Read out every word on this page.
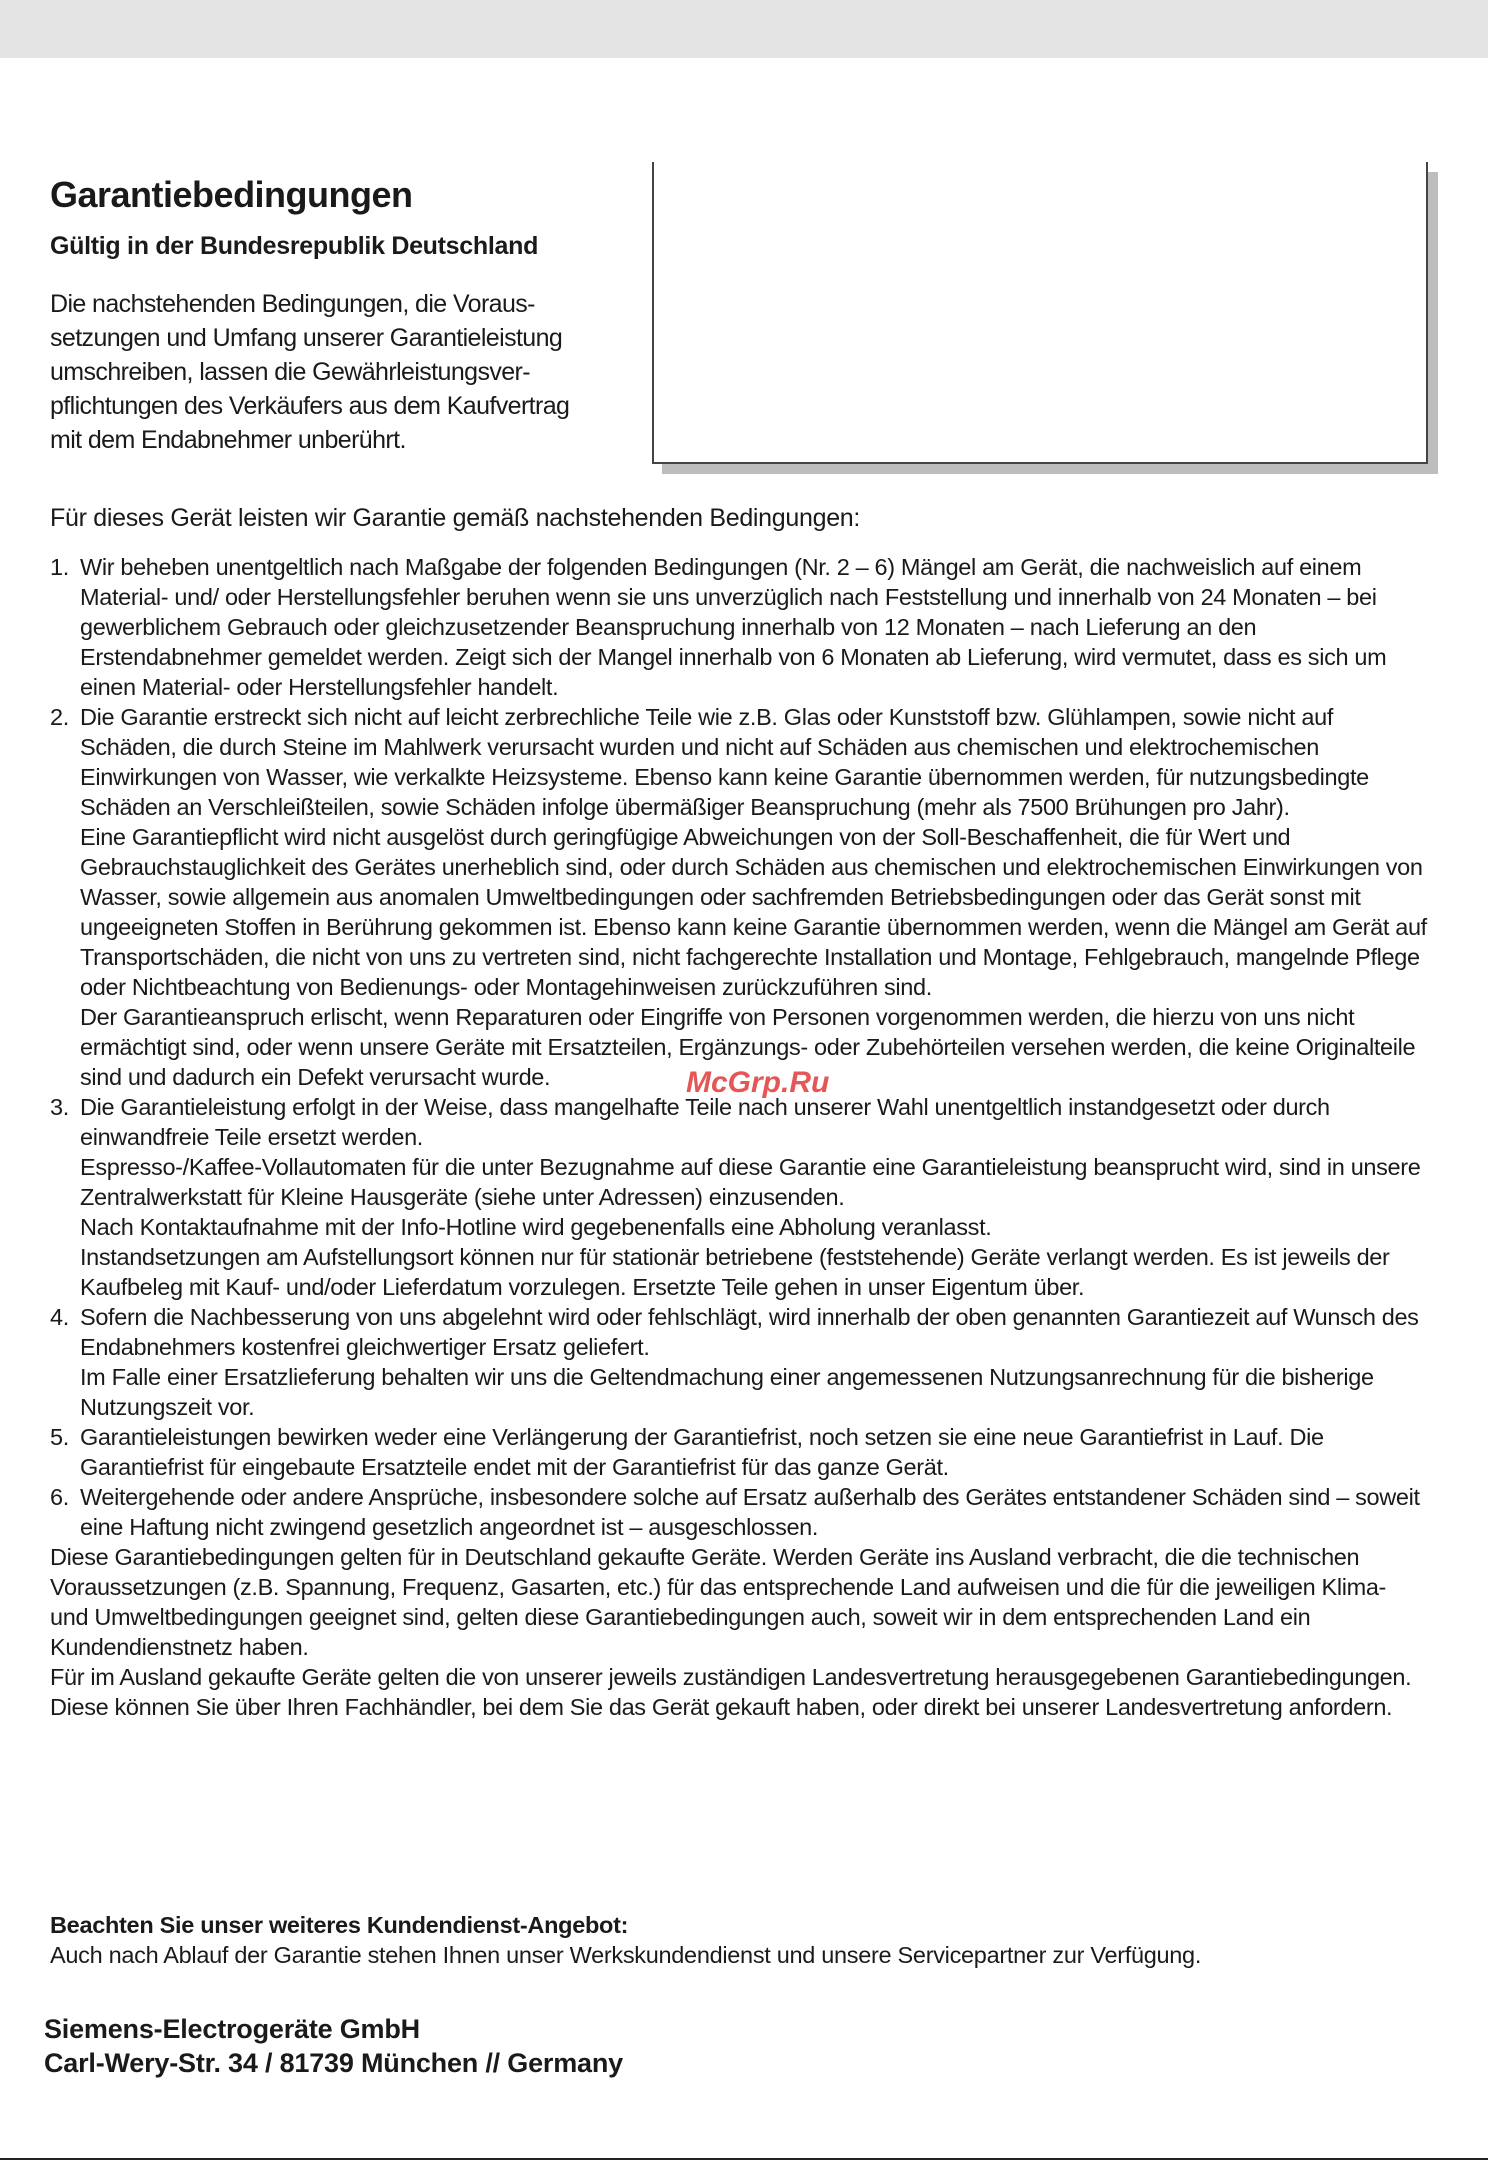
Garantiebedingungen
Gültig in der Bundesrepublik Deutschland
Die nachstehenden Bedingungen, die Voraus-
setzungen und Umfang unserer Garantieleistung
umschreiben, lassen die Gewährleistungsver-
pflichtungen des Verkäufers aus dem Kaufvertrag
mit dem Endabnehmer unberührt.
Für dieses Gerät leisten wir Garantie gemäß nachstehenden Bedingungen:
1. Wir beheben unentgeltlich nach Maßgabe der folgenden Bedingungen (Nr. 2 – 6) Mängel am Gerät, die nachweislich auf einem Material- und/ oder Herstellungsfehler beruhen wenn sie uns unverzüglich nach Feststellung und innerhalb von 24 Monaten – bei gewerblichem Gebrauch oder gleichzusetzender Beanspruchung innerhalb von 12 Monaten – nach Lieferung an den Erstendabnehmer gemeldet werden. Zeigt sich der Mangel innerhalb von 6 Monaten ab Lieferung, wird vermutet, dass es sich um einen Material- oder Herstellungsfehler handelt.

2. Die Garantie erstreckt sich nicht auf leicht zerbrechliche Teile wie z.B. Glas oder Kunststoff bzw. Glühlampen, sowie nicht auf Schäden, die durch Steine im Mahlwerk verursacht wurden und nicht auf Schäden aus chemischen und elektrochemischen Einwirkungen von Wasser, wie verkalkte Heizsysteme. Ebenso kann keine Garantie übernommen werden, für nutzungsbedingte Schäden an Verschleißteilen, sowie Schäden infolge übermäßiger Beanspruchung (mehr als 7500 Brühungen pro Jahr).

Eine Garantiepflicht wird nicht ausgelöst durch geringfügige Abweichungen von der Soll-Beschaffenheit, die für Wert und Gebrauchstauglichkeit des Gerätes unerheblich sind, oder durch Schäden aus chemischen und elektrochemischen Einwirkungen von Wasser, sowie allgemein aus anomalen Umweltbedingungen oder sachfremden Betriebsbedingungen oder das Gerät sonst mit ungeeigneten Stoffen in Berührung gekommen ist. Ebenso kann keine Garantie übernommen werden, wenn die Mängel am Gerät auf Transportschäden, die nicht von uns zu vertreten sind, nicht fachgerechte Installation und Montage, Fehlgebrauch, mangelnde Pflege oder Nichtbeachtung von Bedienungs- oder Montagehinweisen zurückzuführen sind.

Der Garantieanspruch erlischt, wenn Reparaturen oder Eingriffe von Personen vorgenommen werden, die hierzu von uns nicht ermächtigt sind, oder wenn unsere Geräte mit Ersatzteilen, Ergänzungs- oder Zubehörteilen versehen werden, die keine Originalteile sind und dadurch ein Defekt verursacht wurde.

3. Die Garantieleistung erfolgt in der Weise, dass mangelhafte Teile nach unserer Wahl unentgeltlich instandgesetzt oder durch einwandfreie Teile ersetzt werden.

Espresso-/Kaffee-Vollautomaten für die unter Bezugnahme auf diese Garantie eine Garantieleistung beansprucht wird, sind in unsere Zentralwerkstatt für Kleine Hausgeräte (siehe unter Adressen) einzusenden.

Nach Kontaktaufnahme mit der Info-Hotline wird gegebenenfalls eine Abholung veranlasst.

Instandsetzungen am Aufstellungsort können nur für stationär betriebene (feststehende) Geräte verlangt werden. Es ist jeweils der Kaufbeleg mit Kauf- und/oder Lieferdatum vorzulegen. Ersetzte Teile gehen in unser Eigentum über.

4. Sofern die Nachbesserung von uns abgelehnt wird oder fehlschlägt, wird innerhalb der oben genannten Garantiezeit auf Wunsch des Endabnehmers kostenfrei gleichwertiger Ersatz geliefert.

Im Falle einer Ersatzlieferung behalten wir uns die Geltendmachung einer angemessenen Nutzungsanrechnung für die bisherige Nutzungszeit vor.

5. Garantieleistungen bewirken weder eine Verlängerung der Garantiefrist, noch setzen sie eine neue Garantiefrist in Lauf. Die Garantiefrist für eingebaute Ersatzteile endet mit der Garantiefrist für das ganze Gerät.

6. Weitergehende oder andere Ansprüche, insbesondere solche auf Ersatz außerhalb des Gerätes entstandener Schäden sind – soweit eine Haftung nicht zwingend gesetzlich angeordnet ist – ausgeschlossen.

Diese Garantiebedingungen gelten für in Deutschland gekaufte Geräte. Werden Geräte ins Ausland verbracht, die die technischen Voraussetzungen (z.B. Spannung, Frequenz, Gasarten, etc.) für das entsprechende Land aufweisen und die für die jeweiligen Klima- und Umweltbedingungen geeignet sind, gelten diese Garantiebedingungen auch, soweit wir in dem entsprechenden Land ein Kundendienstnetz haben.

Für im Ausland gekaufte Geräte gelten die von unserer jeweils zuständigen Landesvertretung herausgegebenen Garantiebedingungen. Diese können Sie über Ihren Fachhändler, bei dem Sie das Gerät gekauft haben, oder direkt bei unserer Landesvertretung anfordern.

Beachten Sie unser weiteres Kundendienst-Angebot:
Auch nach Ablauf der Garantie stehen Ihnen unser Werkskundendienst und unsere Servicepartner zur Verfügung.
Siemens-Electrogeräte GmbH
Carl-Wery-Str. 34 / 81739 München // Germany
McGrp.Ru
